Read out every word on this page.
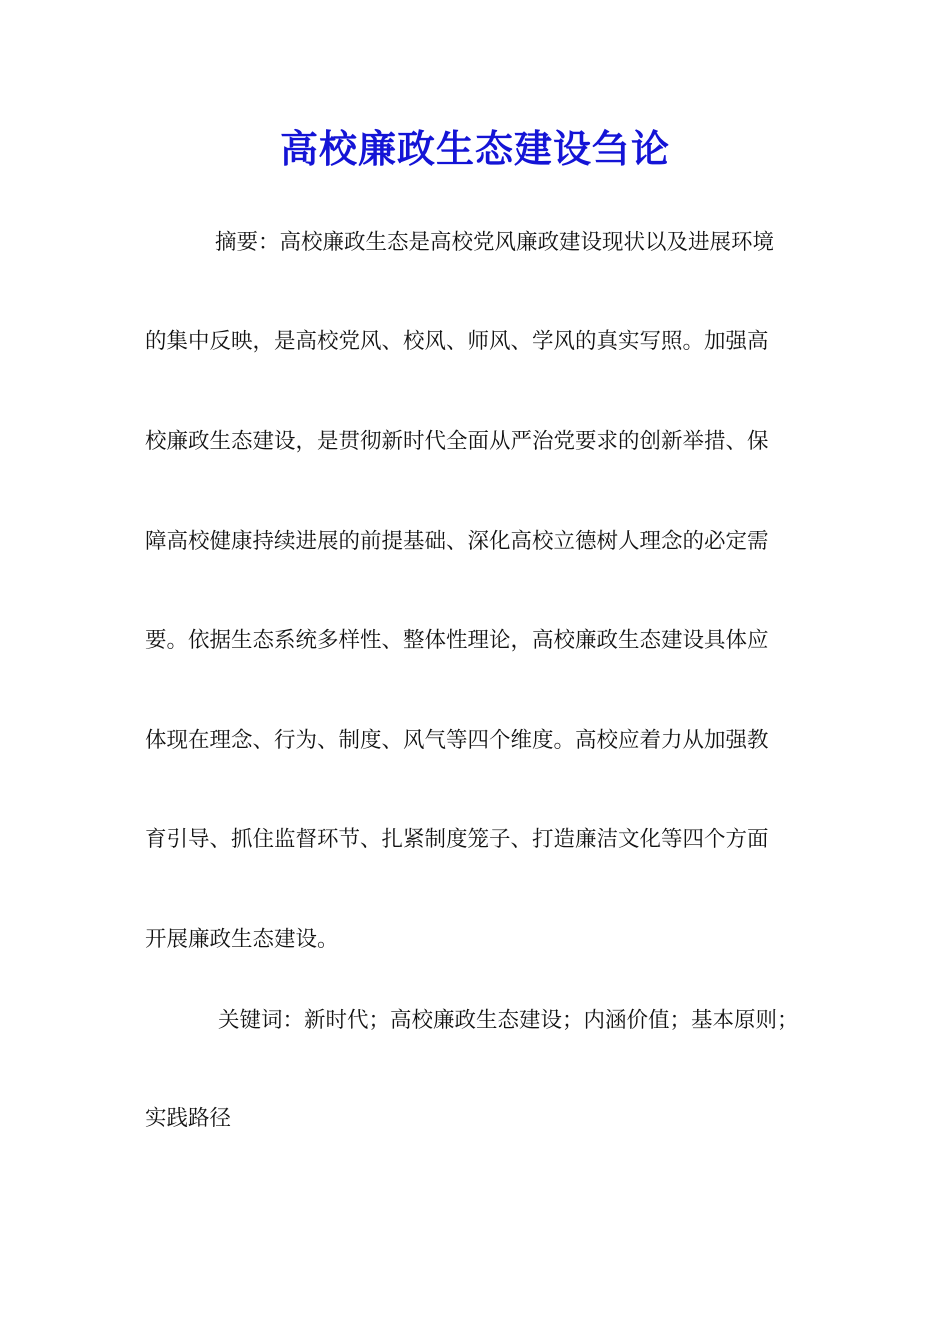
高校廉政生态建设刍论
摘要：高校廉政生态是高校党风廉政建设现状以及进展环境
的集中反映，是高校党风、校风、师风、学风的真实写照。加强高
校廉政生态建设，是贯彻新时代全面从严治党要求的创新举措、保
障高校健康持续进展的前提基础、深化高校立德树人理念的必定需
要。依据生态系统多样性、整体性理论，高校廉政生态建设具体应
体现在理念、行为、制度、风气等四个维度。高校应着力从加强教
育引导、抓住监督环节、扎紧制度笼子、打造廉洁文化等四个方面
开展廉政生态建设。
关键词：新时代；高校廉政生态建设；内涵价值；基本原则；
实践路径
